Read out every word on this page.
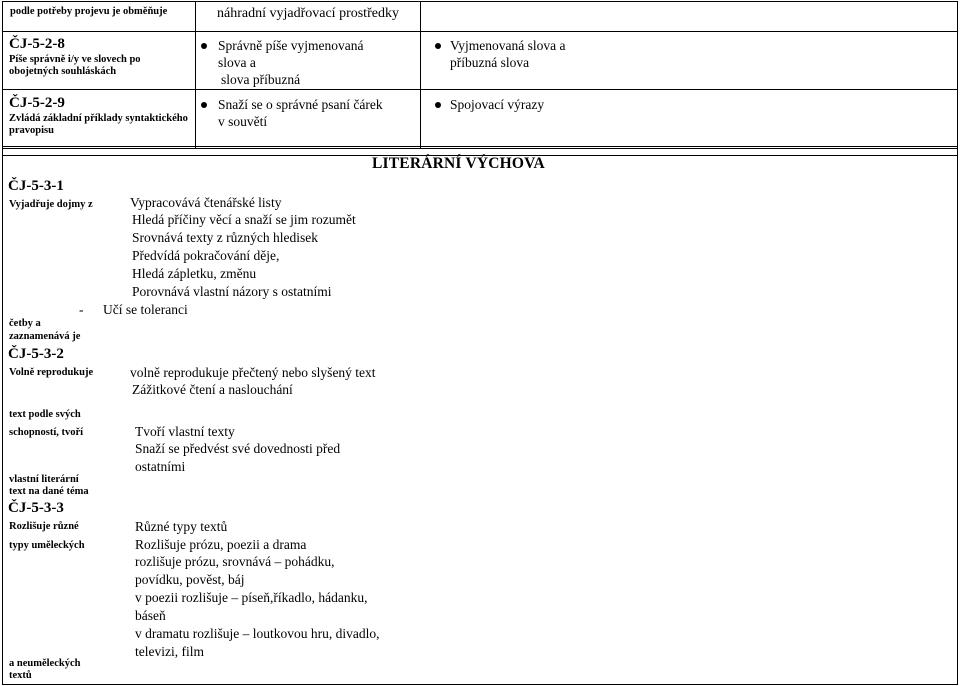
podle potřeby projevu je obměňuje	náhradní vyjadřovací prostředky
ČJ-5-2-8
Píše správně i/y ve slovech po
obojetných souhláskách
Správně píše vyjmenovaná
slova a
slova příbuzná
Vyjmenovaná slova a
příbuzná slova
ČJ-5-2-9
Zvládá základní příklady syntaktického
pravopisu
Snaží se o správné psaní čárek
v souvětí
Spojovací výrazy
LITERÁRNÍ VÝCHOVA
ČJ-5-3-1
Vyjadřuje dojmy z
četby a
zaznamenává je
ČJ-5-3-2
Volně reprodukuje
text podle svých
schopností, tvoří
vlastní literární
text na dané téma
ČJ-5-3-3
Rozlišuje různé
typy uměleckých
a neuměleckých
textů
Vypracovává čtenářské listy
Hledá příčiny věcí a snaží se jim rozumět
Srovnává texty z různých hledisek
Předvídá pokračování děje,
Hledá zápletku, změnu
Porovnává vlastní názory s ostatními
- Učí se toleranci
volně reprodukuje přečtený nebo slyšený text
Zážitkové čtení a naslouchání
Tvoří vlastní texty
Snaží se předvést své dovednosti před
ostatními
Různé typy textů
Rozlišuje prózu, poezii a drama
rozlišuje prózu, srovnává – pohádku,
povídku, pověst, báj
v poezii rozlišuje – píseň,říkadlo, hádanku,
báseň
v dramatu rozlišuje – loutkovou hru, divadlo,
televizi, film
